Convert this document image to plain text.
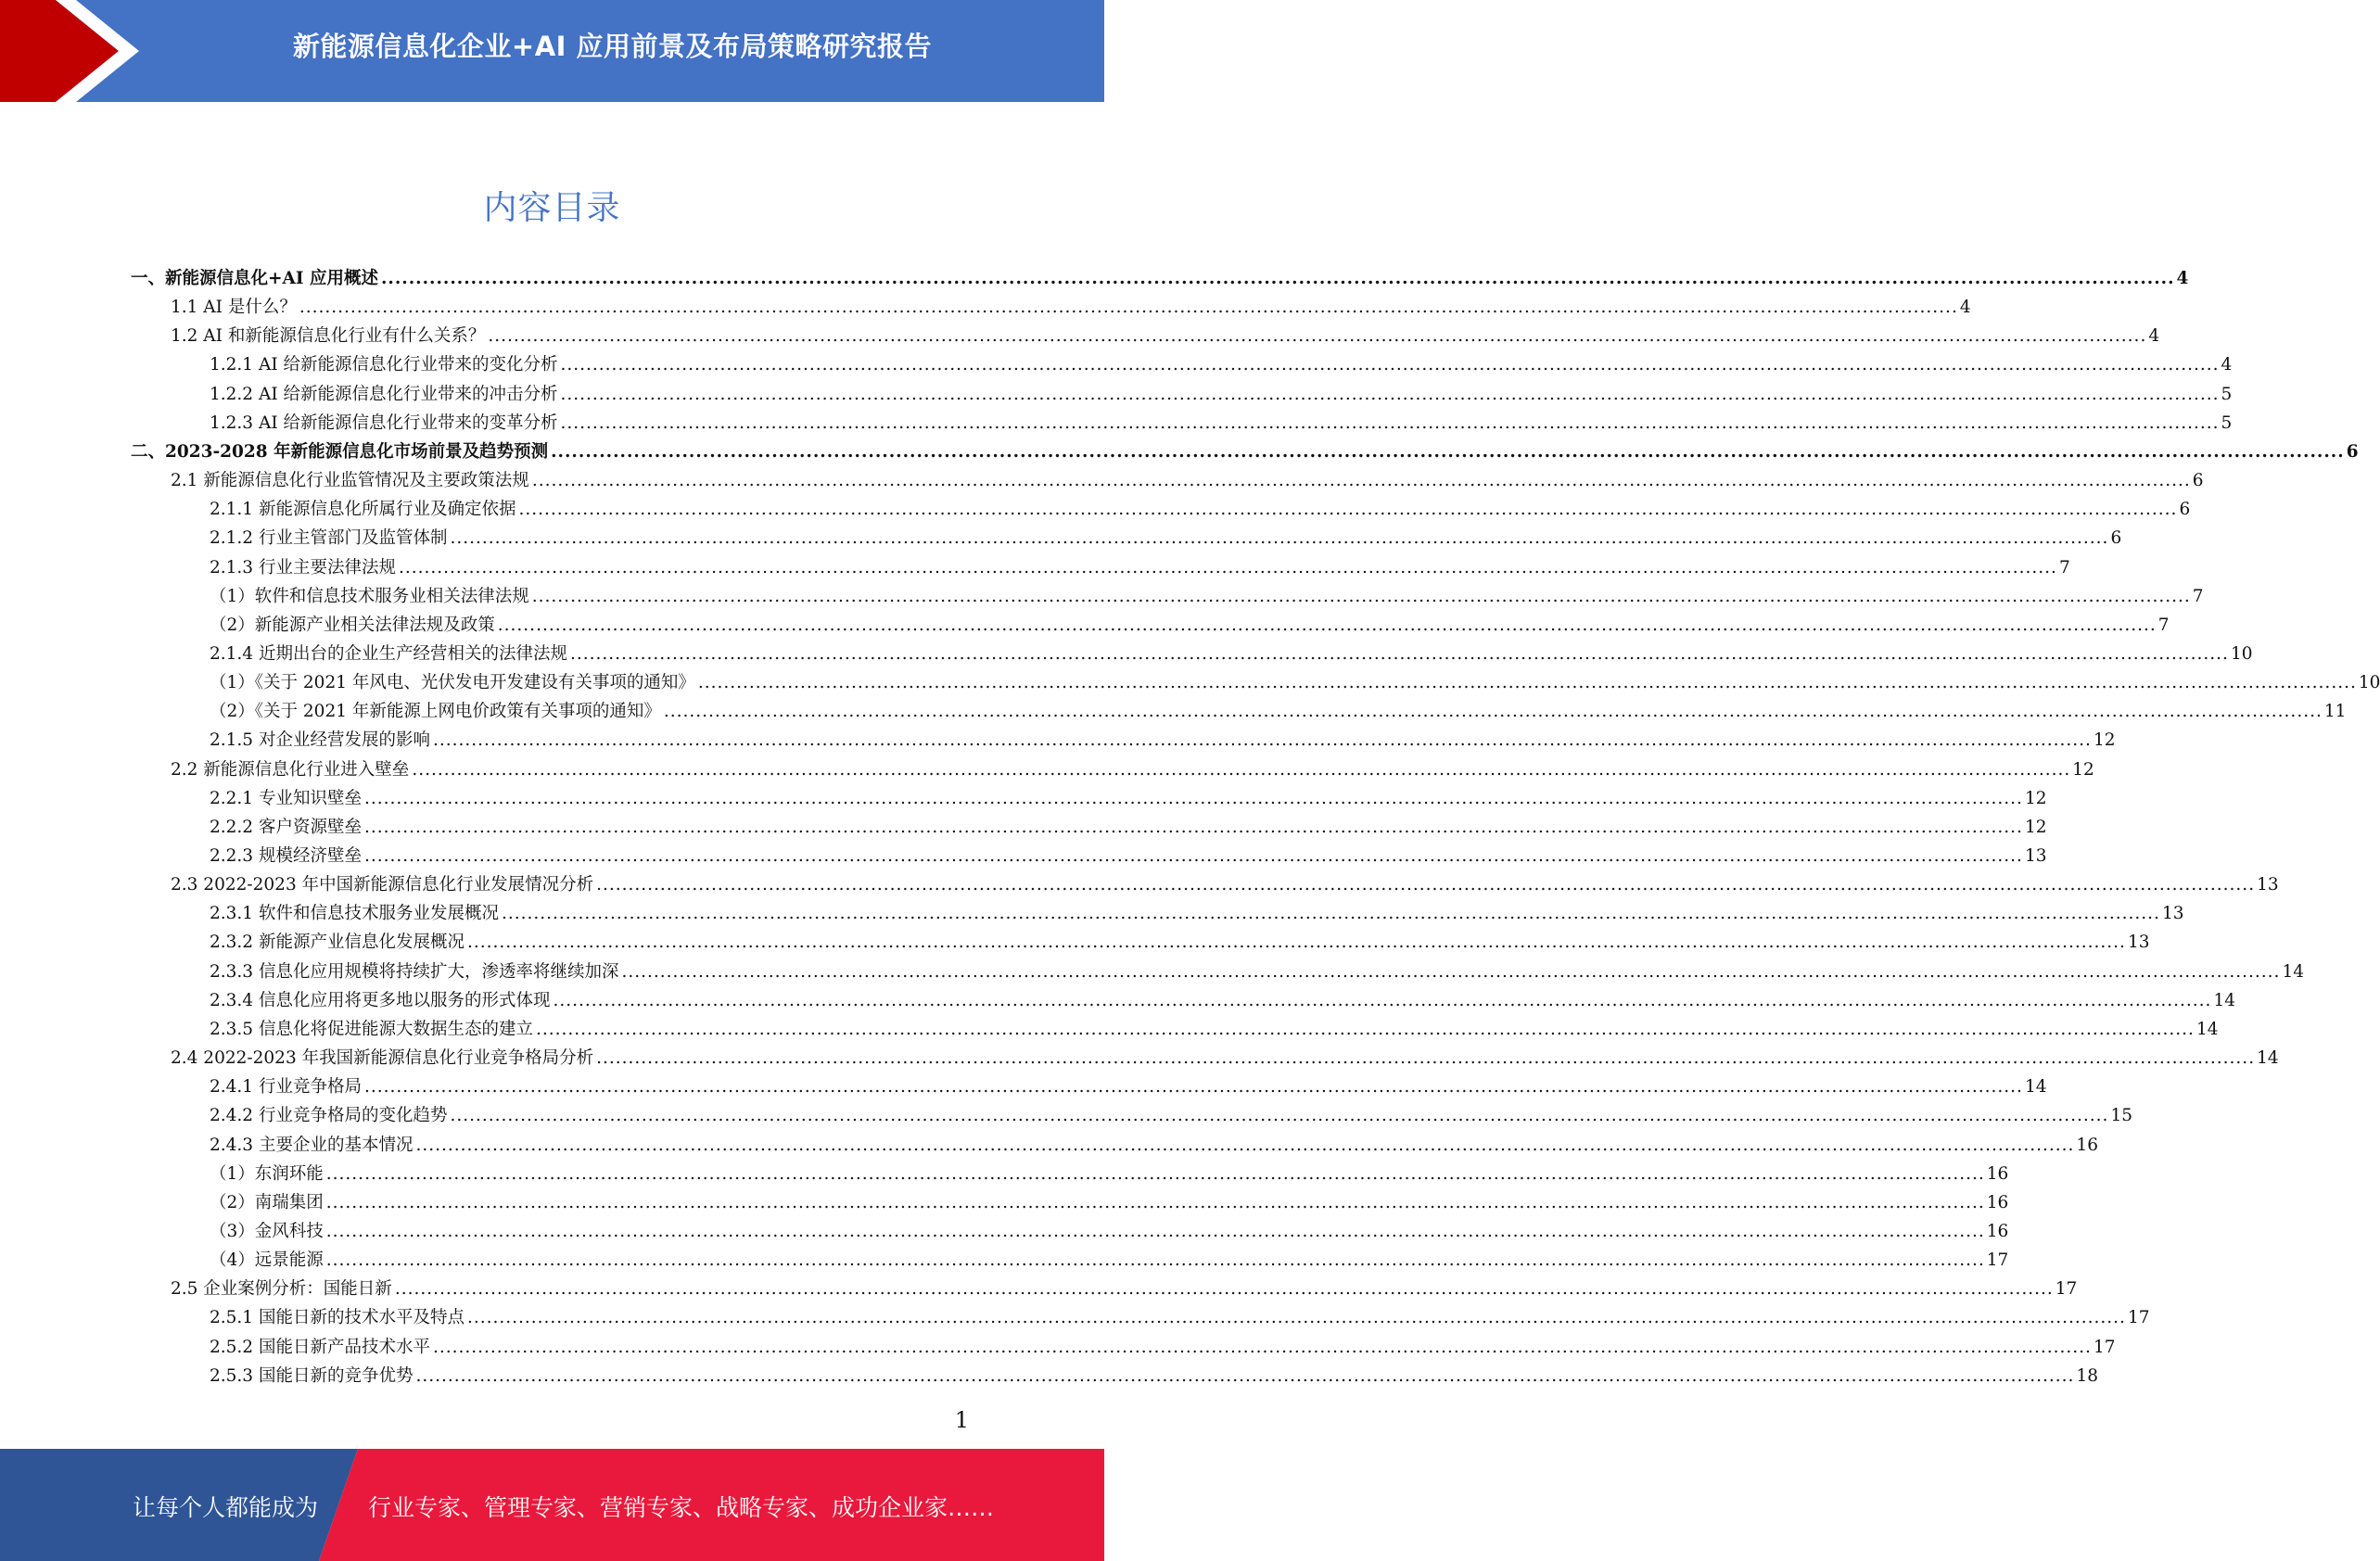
新能源信息化企业+AI 应用前景及布局策略研究报告
内容目录
一、新能源信息化+AI 应用概述 .................................................................................................................................................................................................................................................................... 4
1.1 AI 是什么？ .................................................................................................................................................................................................................................................................... 4
1.2 AI 和新能源信息化行业有什么关系？ .................................................................................................................................................................................................................................................................... 4
1.2.1 AI 给新能源信息化行业带来的变化分析 .................................................................................................................................................................................................................................................................... 4
1.2.2 AI 给新能源信息化行业带来的冲击分析 .................................................................................................................................................................................................................................................................... 5
1.2.3 AI 给新能源信息化行业带来的变革分析 .................................................................................................................................................................................................................................................................... 5
二、2023-2028 年新能源信息化市场前景及趋势预测 .................................................................................................................................................................................................................................................................... 6
2.1 新能源信息化行业监管情况及主要政策法规 .................................................................................................................................................................................................................................................................... 6
2.1.1 新能源信息化所属行业及确定依据 .................................................................................................................................................................................................................................................................... 6
2.1.2 行业主管部门及监管体制 .................................................................................................................................................................................................................................................................... 6
2.1.3 行业主要法律法规 .................................................................................................................................................................................................................................................................... 7
（1）软件和信息技术服务业相关法律法规 .................................................................................................................................................................................................................................................................... 7
（2）新能源产业相关法律法规及政策 .................................................................................................................................................................................................................................................................... 7
2.1.4 近期出台的企业生产经营相关的法律法规 .................................................................................................................................................................................................................................................................... 10
（1）《关于 2021 年风电、光伏发电开发建设有关事项的通知》 .................................................................................................................................................................................................................................................................... 10
（2）《关于 2021 年新能源上网电价政策有关事项的通知》 .................................................................................................................................................................................................................................................................... 11
2.1.5 对企业经营发展的影响 .................................................................................................................................................................................................................................................................... 12
2.2 新能源信息化行业进入壁垒 .................................................................................................................................................................................................................................................................... 12
2.2.1 专业知识壁垒 .................................................................................................................................................................................................................................................................... 12
2.2.2 客户资源壁垒 .................................................................................................................................................................................................................................................................... 12
2.2.3 规模经济壁垒 .................................................................................................................................................................................................................................................................... 13
2.3 2022-2023 年中国新能源信息化行业发展情况分析 .................................................................................................................................................................................................................................................................... 13
2.3.1 软件和信息技术服务业发展概况 .................................................................................................................................................................................................................................................................... 13
2.3.2 新能源产业信息化发展概况 .................................................................................................................................................................................................................................................................... 13
2.3.3 信息化应用规模将持续扩大，渗透率将继续加深 .................................................................................................................................................................................................................................................................... 14
2.3.4 信息化应用将更多地以服务的形式体现 .................................................................................................................................................................................................................................................................... 14
2.3.5 信息化将促进能源大数据生态的建立 .................................................................................................................................................................................................................................................................... 14
2.4 2022-2023 年我国新能源信息化行业竞争格局分析 .................................................................................................................................................................................................................................................................... 14
2.4.1 行业竞争格局 .................................................................................................................................................................................................................................................................... 14
2.4.2 行业竞争格局的变化趋势 .................................................................................................................................................................................................................................................................... 15
2.4.3 主要企业的基本情况 .................................................................................................................................................................................................................................................................... 16
（1）东润环能 .................................................................................................................................................................................................................................................................... 16
（2）南瑞集团 .................................................................................................................................................................................................................................................................... 16
（3）金风科技 .................................................................................................................................................................................................................................................................... 16
（4）远景能源 .................................................................................................................................................................................................................................................................... 17
2.5 企业案例分析：国能日新 .................................................................................................................................................................................................................................................................... 17
2.5.1 国能日新的技术水平及特点 .................................................................................................................................................................................................................................................................... 17
2.5.2 国能日新产品技术水平 .................................................................................................................................................................................................................................................................... 17
2.5.3 国能日新的竞争优势 .................................................................................................................................................................................................................................................................... 18
1
让每个人都能成为 行业专家、管理专家、营销专家、战略专家、成功企业家……
